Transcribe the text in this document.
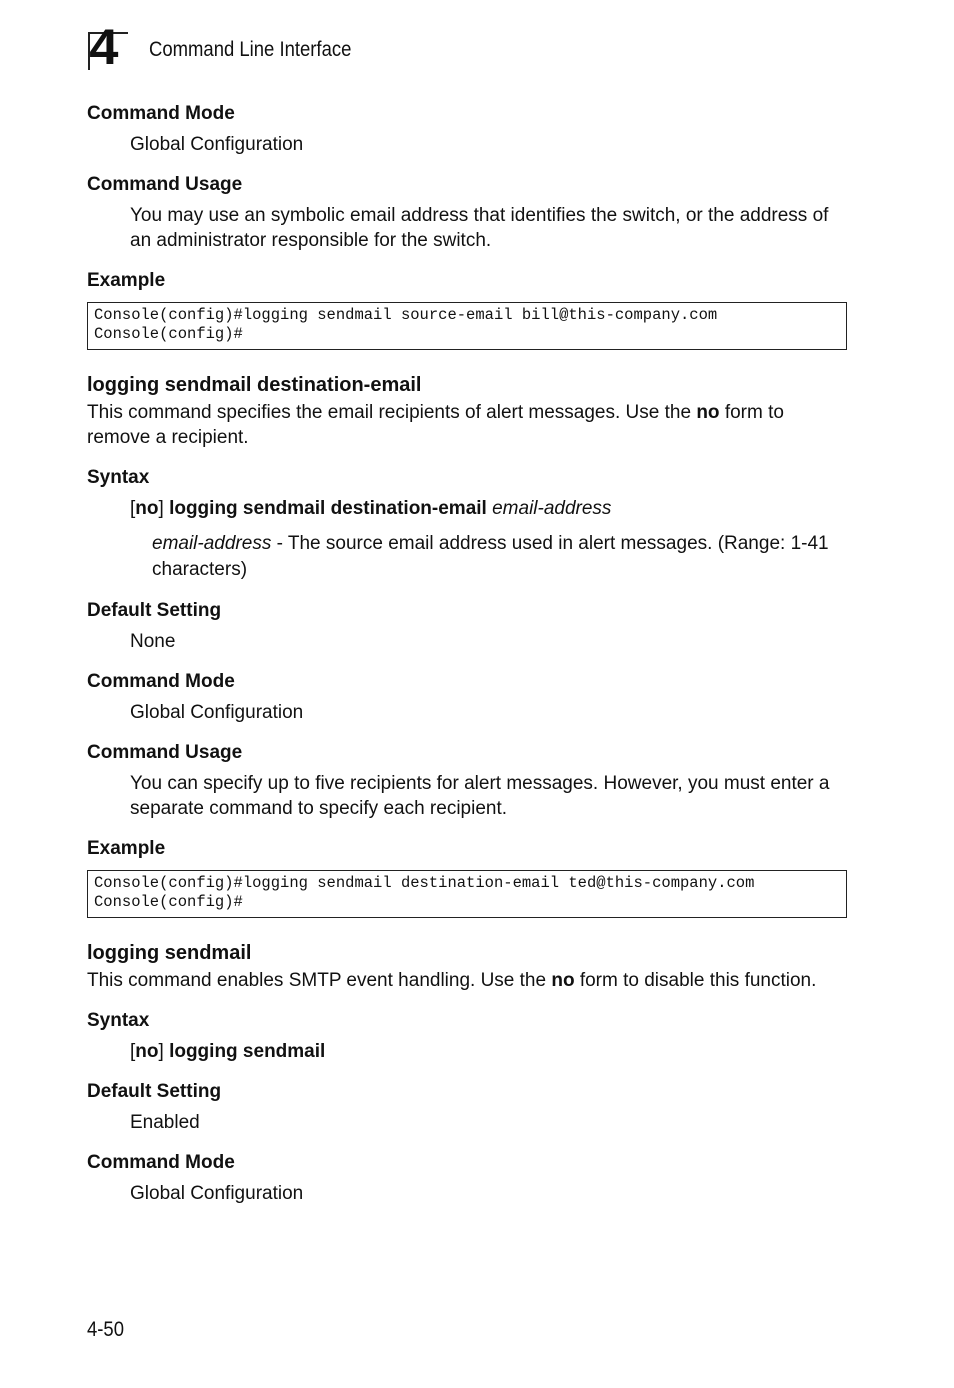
4 Command Line Interface

Command Mode

Global Configuration

Command Usage

You may use an symbolic email address that identifies the switch, or the address of an administrator responsible for the switch.

Example

Console(config)#logging sendmail source-email bill@this-company.com
Console(config)#

logging sendmail destination-email

This command specifies the email recipients of alert messages. Use the no form to remove a recipient.

Syntax

[no] logging sendmail destination-email email-address

email-address - The source email address used in alert messages. (Range: 1-41 characters)

Default Setting

None

Command Mode

Global Configuration

Command Usage

You can specify up to five recipients for alert messages. However, you must enter a separate command to specify each recipient.

Example

Console(config)#logging sendmail destination-email ted@this-company.com
Console(config)#

logging sendmail

This command enables SMTP event handling. Use the no form to disable this function.

Syntax

[no] logging sendmail

Default Setting

Enabled

Command Mode

Global Configuration

4-50
